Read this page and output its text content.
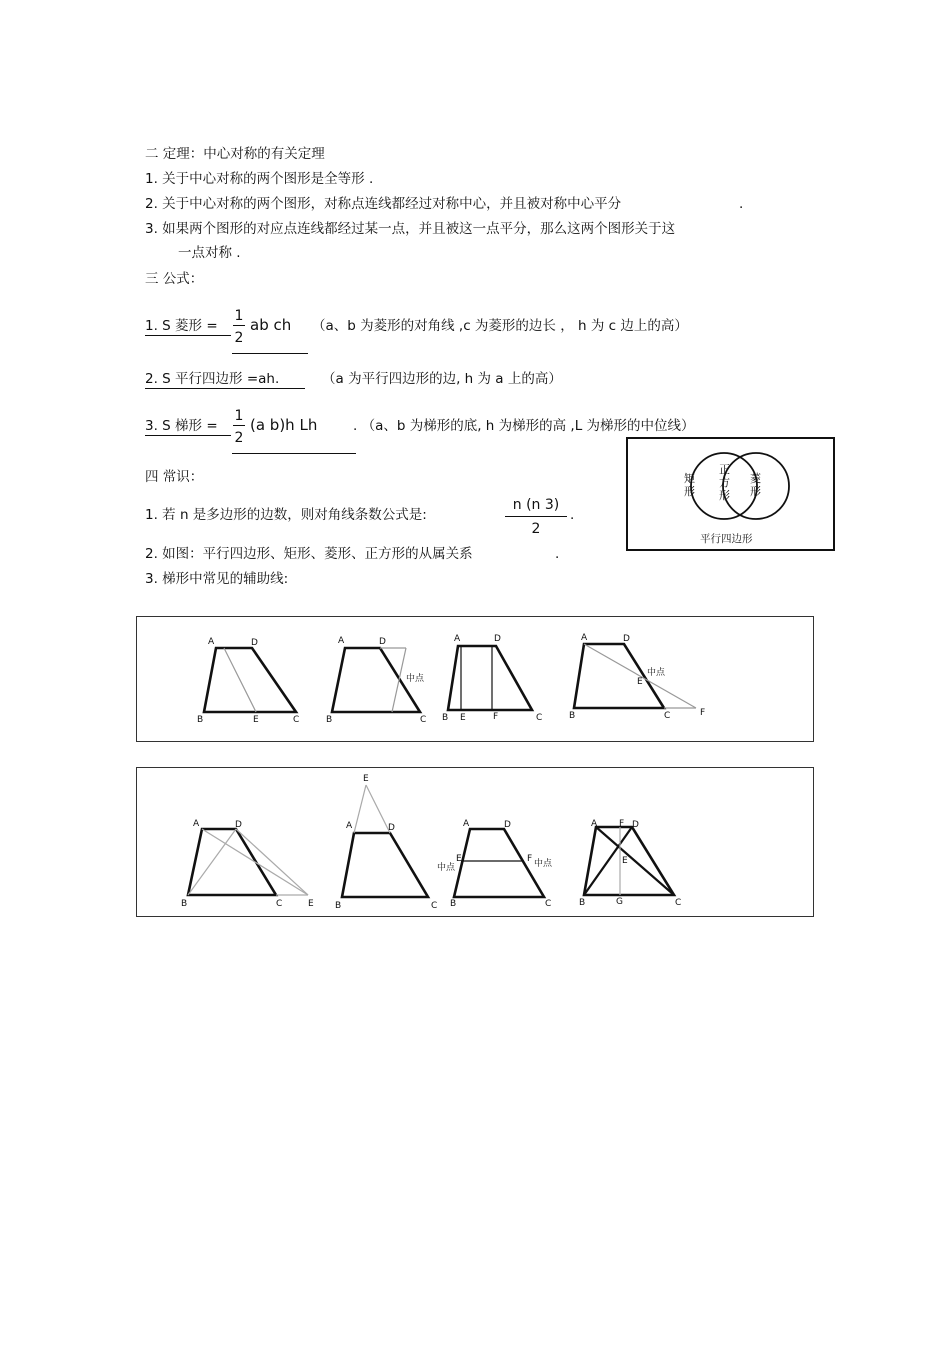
二 定理：中心对称的有关定理
1. 关于中心对称的两个图形是全等形 .
2. 关于中心对称的两个图形，对称点连线都经过对称中心，并且被对称中心平分	.
3. 如果两个图形的对应点连线都经过某一点，并且被这一点平分，那么这两个图形关于这
一点对称 .
三 公式：
1. S 菱形 =
1
2
ab ch （a、b 为菱形的对角线 ,c 为菱形的边长 ， h 为 c 边上的高）
2. S 平行四边形 =ah.	（a 为平行四边形的边, h 为 a 上的高）
3. S 梯形 =
1
2
(a b)h Lh	. （a、b 为梯形的底, h 为梯形的高 ,L 为梯形的中位线）
四 常识：
1. 若 n 是多边形的边数，则对角线条数公式是:
n (n 3)
2
.
2. 如图：平行四边形、矩形、菱形、正方形的从属关系	.
3. 梯形中常见的辅助线:
矩
形
正
方
形
菱
形
平行四边形
A	D
B	E	C
A	D
中点
B	C
A	D
B E	F	C
A	D
中点
E
B	C	F
A	D
B	C	E
E
A	D
B	C
A	D
E	F
中点	中点
B	C
A F D
E
B	G	C
